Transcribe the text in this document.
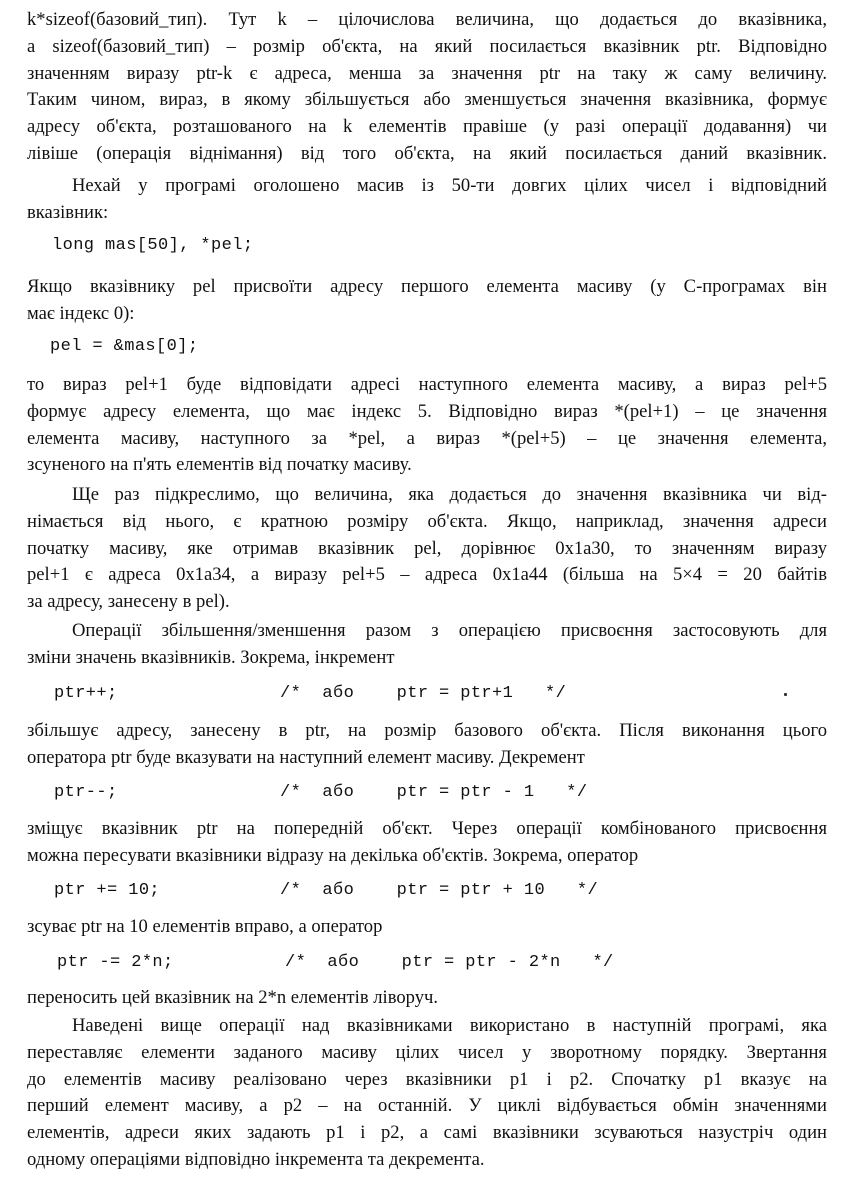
k*sizeof(базовий_тип). Тут k – цілочислова величина, що додається до вказівника,
а sizeof(базовий_тип) – розмір об'єкта, на який посилається вказівник ptr. Відповідно
значенням виразу ptr-k є адреса, менша за значення ptr на таку ж саму величину.
Таким чином, вираз, в якому збільшується або зменшується значення вказівника, формує
адресу об'єкта, розташованого на k елементів правіше (у разі операції додавання) чи
лівіше (операція віднімання) від того об'єкта, на який посилається даний вказівник.
Нехай у програмі оголошено масив із 50-ти довгих цілих чисел і відповідний
вказівник:
long mas[50], *pel;
Якщо вказівнику pel присвоїти адресу першого елемента масиву (у С-програмах він
має індекс 0):
pel = &mas[0];
то вираз pel+1 буде відповідати адресі наступного елемента масиву, а вираз pel+5
формує адресу елемента, що має індекс 5. Відповідно вираз *(pel+1) – це значення
елемента масиву, наступного за *pel, а вираз *(pel+5) – це значення елемента,
зсуненого на п'ять елементів від початку масиву.
Ще раз підкреслимо, що величина, яка додається до значення вказівника чи від-
німається від нього, є кратною розміру об'єкта. Якщо, наприклад, значення адреси
початку масиву, яке отримав вказівник pel, дорівнює 0x1a30, то значенням виразу
pel+1 є адреса 0x1a34, а виразу pel+5 – адреса 0x1a44 (більша на 5×4 = 20 байтів
за адресу, занесену в pel).
Операції збільшення/зменшення разом з операцією присвоєння застосовують для
зміни значень вказівників. Зокрема, інкремент
ptr++;	/*  або    ptr = ptr+1   */
збільшує адресу, занесену в ptr, на розмір базового об'єкта. Після виконання цього
оператора ptr буде вказувати на наступний елемент масиву. Декремент
ptr--;	/*  або    ptr = ptr - 1   */
зміщує вказівник ptr на попередній об'єкт. Через операції комбінованого присвоєння
можна пересувати вказівники відразу на декілька об'єктів. Зокрема, оператор
ptr += 10;	/*  або    ptr = ptr + 10   */
зсуває ptr на 10 елементів вправо, а оператор
ptr -= 2*n;	/*  або    ptr = ptr - 2*n   */
переносить цей вказівник на 2*n елементів ліворуч.
Наведені вище операції над вказівниками використано в наступній програмі, яка
переставляє елементи заданого масиву цілих чисел у зворотному порядку. Звертання
до елементів масиву реалізовано через вказівники p1 і p2. Спочатку p1 вказує на
перший елемент масиву, а p2 – на останній. У циклі відбувається обмін значеннями
елементів, адреси яких задають p1 і p2, а самі вказівники зсуваються назустріч один
одному операціями відповідно інкремента та декремента.
